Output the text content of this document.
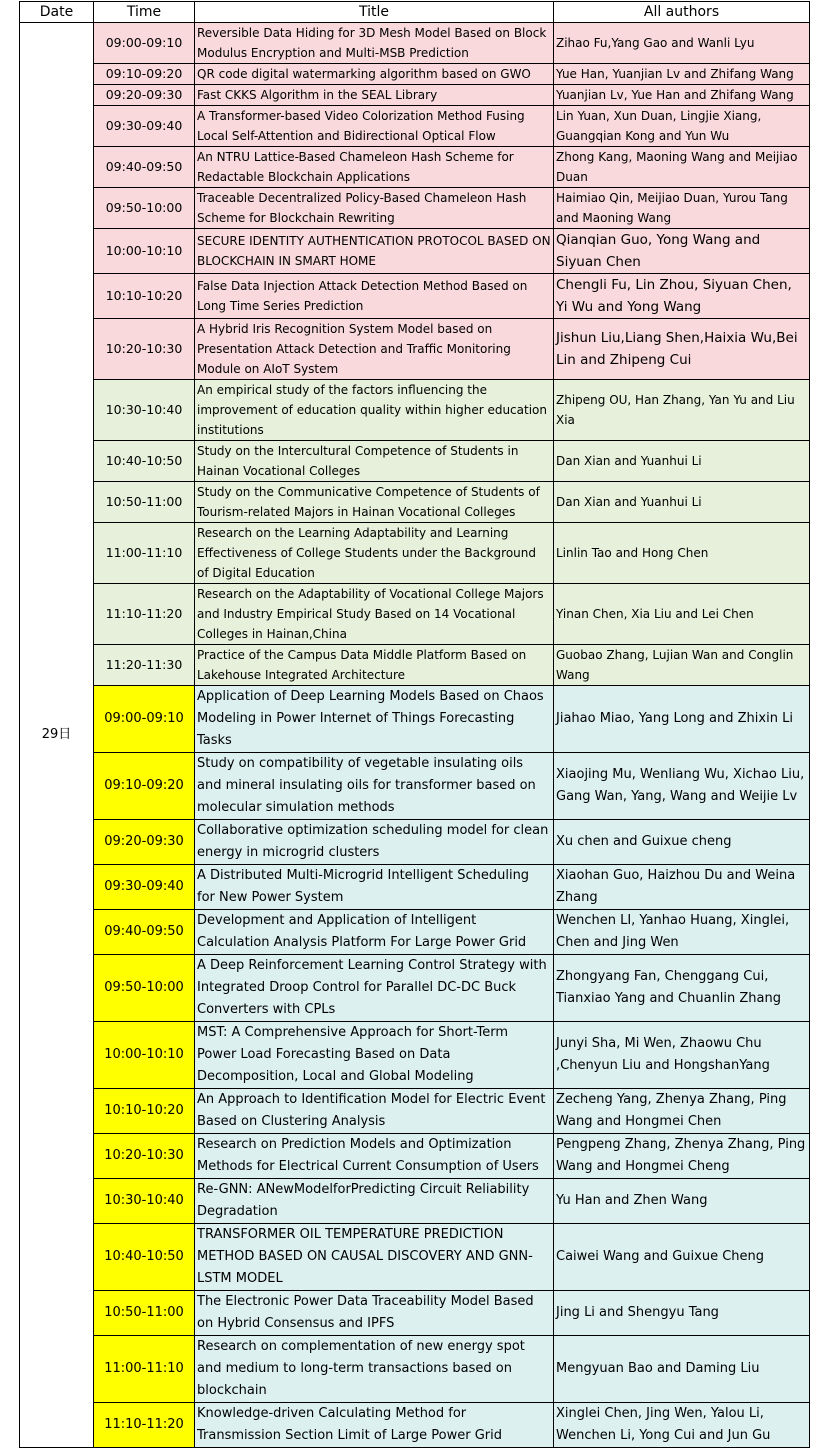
Date	Time	Title	All authors
29日	09:00-09:10	Reversible Data Hiding for 3D Mesh Model Based on Block Modulus Encryption and Multi-MSB Prediction	Zihao Fu,Yang Gao and Wanli Lyu
	09:10-09:20	QR code digital watermarking algorithm based on GWO	Yue Han, Yuanjian Lv and Zhifang Wang
	09:20-09:30	Fast CKKS Algorithm in the SEAL Library	Yuanjian Lv, Yue Han and Zhifang Wang
	09:30-09:40	A Transformer-based Video Colorization Method Fusing Local Self-Attention and Bidirectional Optical Flow	Lin Yuan, Xun Duan, Lingjie Xiang, Guangqian Kong and Yun Wu
	09:40-09:50	An NTRU Lattice-Based Chameleon Hash Scheme for Redactable Blockchain Applications	Zhong Kang, Maoning Wang and Meijiao Duan
	09:50-10:00	Traceable Decentralized Policy-Based Chameleon Hash Scheme for Blockchain Rewriting	Haimiao Qin, Meijiao Duan, Yurou Tang and Maoning Wang
	10:00-10:10	SECURE IDENTITY AUTHENTICATION PROTOCOL BASED ON BLOCKCHAIN IN SMART HOME	Qianqian Guo, Yong Wang and Siyuan Chen
	10:10-10:20	False Data Injection Attack Detection Method Based on Long Time Series Prediction	Chengli Fu, Lin Zhou, Siyuan Chen, Yi Wu and Yong Wang
	10:20-10:30	A Hybrid Iris Recognition System Model based on Presentation Attack Detection and Traffic Monitoring Module on AIoT System	Jishun Liu,Liang Shen,Haixia Wu,Bei Lin and Zhipeng Cui
	10:30-10:40	An empirical study of the factors influencing the improvement of education quality within higher education institutions	Zhipeng OU, Han Zhang, Yan Yu and Liu Xia
	10:40-10:50	Study on the Intercultural Competence of Students in Hainan Vocational Colleges	Dan Xian and Yuanhui Li
	10:50-11:00	Study on the Communicative Competence of Students of Tourism-related Majors in Hainan Vocational Colleges	Dan Xian and Yuanhui Li
	11:00-11:10	Research on the Learning Adaptability and Learning Effectiveness of College Students under the Background of Digital Education	Linlin Tao and Hong Chen
	11:10-11:20	Research on the Adaptability of Vocational College Majors and Industry Empirical Study Based on 14 Vocational Colleges in Hainan,China	Yinan Chen, Xia Liu and Lei Chen
	11:20-11:30	Practice of the Campus Data Middle Platform Based on Lakehouse Integrated Architecture	Guobao Zhang, Lujian Wan and Conglin Wang
	09:00-09:10	Application of Deep Learning Models Based on Chaos Modeling in Power Internet of Things Forecasting Tasks	Jiahao Miao, Yang Long and Zhixin Li
	09:10-09:20	Study on compatibility of vegetable insulating oils and mineral insulating oils for transformer based on molecular simulation methods	Xiaojing Mu, Wenliang Wu, Xichao Liu, Gang Wan, Yang, Wang and Weijie Lv
	09:20-09:30	Collaborative optimization scheduling model for clean energy in microgrid clusters	Xu chen and Guixue cheng
	09:30-09:40	A Distributed Multi-Microgrid Intelligent Scheduling for New Power System	Xiaohan Guo, Haizhou Du and Weina Zhang
	09:40-09:50	Development and Application of Intelligent Calculation Analysis Platform For Large Power Grid	Wenchen LI, Yanhao Huang, Xinglei, Chen and Jing Wen
	09:50-10:00	A Deep Reinforcement Learning Control Strategy with Integrated Droop Control for Parallel DC-DC Buck Converters with CPLs	Zhongyang Fan, Chenggang Cui, Tianxiao Yang and Chuanlin Zhang
	10:00-10:10	MST: A Comprehensive Approach for Short-Term Power Load Forecasting Based on Data Decomposition, Local and Global Modeling	Junyi Sha, Mi Wen, Zhaowu Chu ,Chenyun Liu and HongshanYang
	10:10-10:20	An Approach to Identification Model for Electric Event Based on Clustering Analysis	Zecheng Yang, Zhenya Zhang, Ping Wang and Hongmei Chen
	10:20-10:30	Research on Prediction Models and Optimization Methods for Electrical Current Consumption of Users	Pengpeng Zhang, Zhenya Zhang, Ping Wang and Hongmei Cheng
	10:30-10:40	Re-GNN: ANewModelforPredicting Circuit Reliability Degradation	Yu Han and Zhen Wang
	10:40-10:50	TRANSFORMER OIL TEMPERATURE PREDICTION METHOD BASED ON CAUSAL DISCOVERY AND GNN-LSTM MODEL	Caiwei Wang and Guixue Cheng
	10:50-11:00	The Electronic Power Data Traceability Model Based on Hybrid Consensus and IPFS	Jing Li and Shengyu Tang
	11:00-11:10	Research on complementation of new energy spot and medium to long-term transactions based on blockchain	Mengyuan Bao and Daming Liu
	11:10-11:20	Knowledge-driven Calculating Method for Transmission Section Limit of Large Power Grid	Xinglei Chen, Jing Wen, Yalou Li, Wenchen Li, Yong Cui and Jun Gu
